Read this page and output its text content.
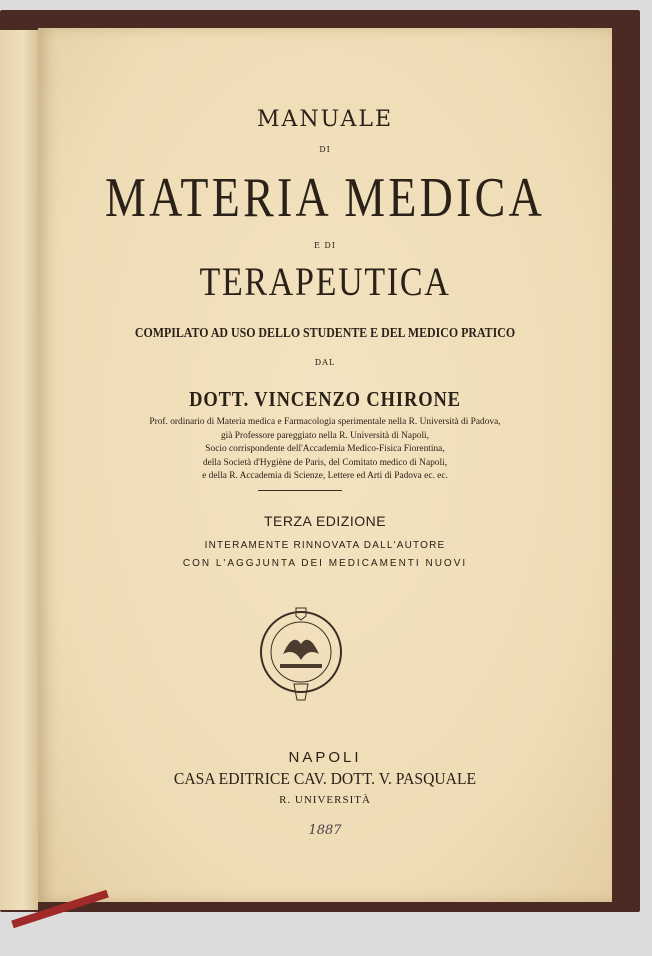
MANUALE
DI
MATERIA MEDICA
E DI
TERAPEUTICA
COMPILATO AD USO DELLO STUDENTE E DEL MEDICO PRATICO
DAL
DOTT. VINCENZO CHIRONE
Prof. ordinario di Materia medica e Farmacologia sperimentale nella R. Università di Padova,
già Professore pareggiato nella R. Università di Napoli,
Socio corrispondente dell'Accademia Medico-Fisica Fiorentina,
della Società d'Hygiène de Paris, del Comitato medico di Napoli,
e della R. Accademia di Scienze, Lettere ed Arti di Padova ec. ec.
TERZA EDIZIONE
INTERAMENTE RINNOVATA DALL'AUTORE
CON L'AGGJUNTA DEI MEDICAMENTI NUOVI
NAPOLI
CASA EDITRICE CAV. DOTT. V. PASQUALE
R. UNIVERSITÀ
1887
